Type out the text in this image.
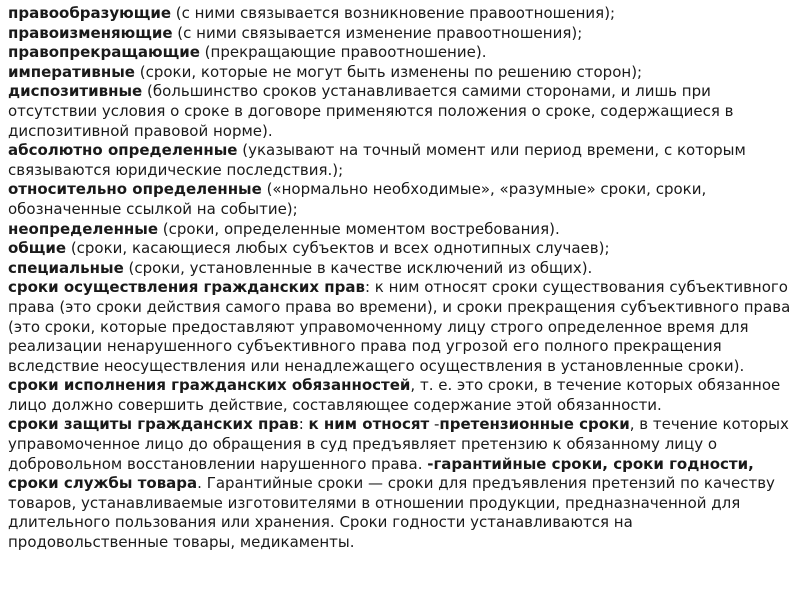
правообразующие (с ними связывается возникновение правоотношения);
правоизменяющие (с ними связывается изменение правоотношения);
правопрекращающие (прекращающие правоотношение).
императивные (сроки, которые не могут быть изменены по решению сторон);
диспозитивные (большинство сроков устанавливается самими сторонами, и лишь при отсутствии условия о сроке в договоре применяются положения о сроке, содержащиеся в диспозитивной правовой норме).
абсолютно определенные (указывают на точный момент или период времени, с которым связываются юридические последствия.);
относительно определенные («нормально необходимые», «разумные» сроки, сроки, обозначенные ссылкой на событие);
неопределенные (сроки, определенные моментом востребования).
общие (сроки, касающиеся любых субъектов и всех однотипных случаев);
специальные (сроки, установленные в качестве исключений из общих).
сроки осуществления гражданских прав: к ним относят сроки существования субъективного права (это сроки действия самого права во времени), и сроки прекращения субъективного права (это сроки, которые предоставляют управомоченному лицу строго определенное время для реализации ненарушенного субъективного права под угрозой его полного прекращения вследствие неосуществления или ненадлежащего осуществления в установленные сроки).
сроки исполнения гражданских обязанностей, т. е. это сроки, в течение которых обязанное лицо должно совершить действие, составляющее содержание этой обязанности.
сроки защиты гражданских прав: к ним относят -претензионные сроки, в течение которых управомоченное лицо до обращения в суд предъявляет претензию к обязанному лицу о добровольном восстановлении нарушенного права. -гарантийные сроки, сроки годности, сроки службы товара. Гарантийные сроки — сроки для предъявления претензий по качеству товаров, устанавливаемые изготовителями в отношении продукции, предназначенной для длительного пользования или хранения. Сроки годности устанавливаются на продовольственные товары, медикаменты.
